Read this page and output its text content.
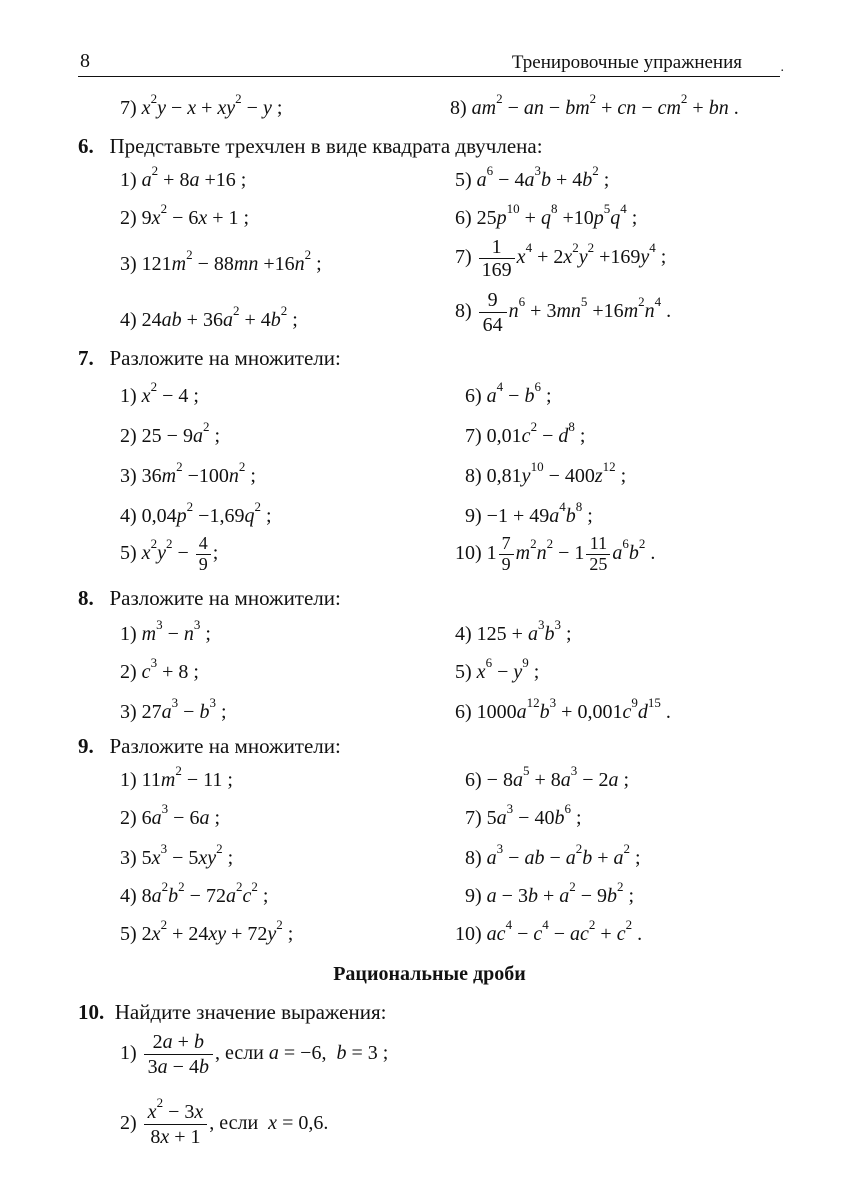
8	Тренировочные упражнения	.
7) $x^2y - x + xy^2 - y$ ;	8) $am^2$ − an − $bm^2$ + cn − $cm^2$ + bn .
6. Представьте трехчлен в виде квадрата двучлена:
1) $a^2 + 8a +16$ ;	5) $a^6 - 4a^3b + 4b^2$ ;
2) $9x^2 - 6x + 1$ ;	6) $25p^{10} + q^8 +10p^5q^4$ ;
3) $121m^2 - 88mn +16n^2$ ;	$7) \frac{1}{169} x^4 + 2x^2y^2 +169y^4$ ;
4) $24ab + 36a^2 + 4b^2$ ;	$8) \frac{9}{64} n^6 + 3mn^5 +16m^2n^4$ .
7. Разложите на множители:
1) $x^2 - 4$ ;	6) $a^4 - b^6$ ;
2) $25 - 9a^2$ ;	7) $0,01c^2 - d^8$ ;
3) $36m^2 -100n^2$ ;	8) $0,81y^{10} - 400z^{12}$ ;
4) $0,04p^2 -1,69q^2$ ;	$9) -1 + 49a^4b^8$ ;
5) $x^2y^2 - \frac{4}{9}$ ;	10) $1 \frac{7}{9} m^2n^2 - 1 \frac{11}{25} a^6b^2$ .
8. Разложите на множители:
1) $m^3 - n^3$ ;	4) $125 + a^3b^3$ ;
2) $c^3 + 8$ ;	5) $x^6 - y^9$ ;
3) $27a^3 - b^3$ ;	6) $1000a^{12}b^3 + 0,001c^9d^{15}$ .
9. Разложите на множители:
1) $11m^2 - 11$ ;	$6) - 8a^5 + 8a^3 - 2a$ ;
2) $6a^3 - 6a$ ;	7) $5a^3 - 40b^6$ ;
3) $5x^3 - 5xy^2$ ;	8) $a^3$ − ab − $a^2b + a^2$ ;
4) $8a^2b^2 - 72a^2c^2$ ;	9) $a - 3b + a^2 - 9b^2$ ;
5) $2x^2 + 24xy + 72y^2$ ;	10) $ac^4 - c^4 - ac^2 + c^2$ .
Рациональные дроби
10. Найдите значение выражения:
$1) \frac{2a + b}{3a - 4b}$ , если a = −6,  b = 3 ;
$2) \frac{x^2 - 3x}{8x + 1}$ , если  x = 0,6.
